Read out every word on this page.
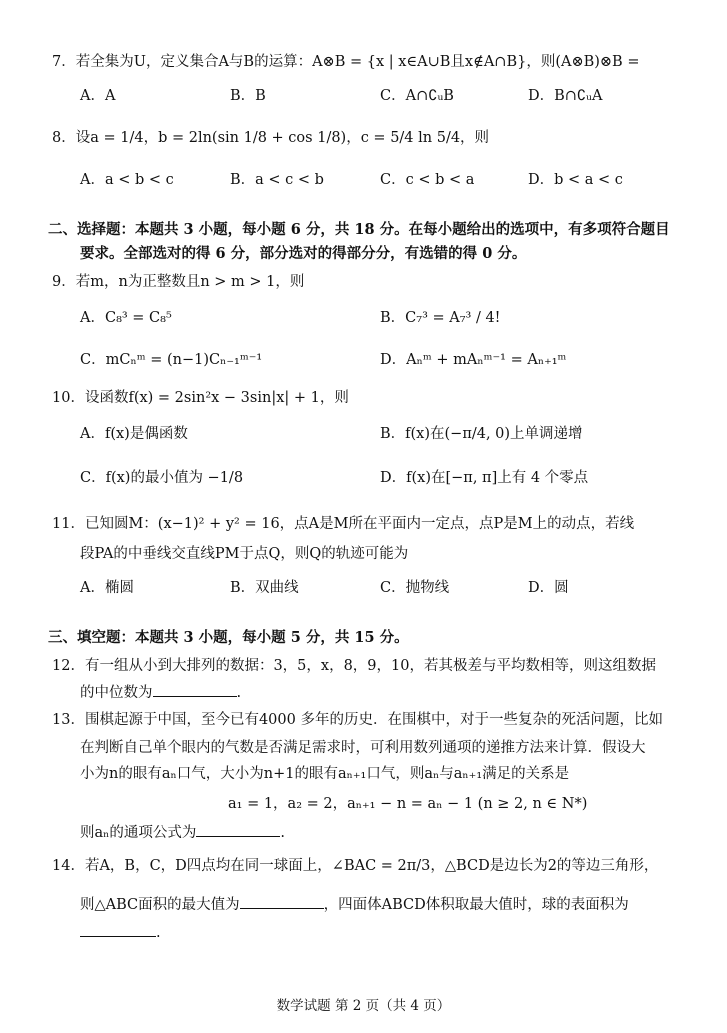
7．若全集为U，定义集合A与B的运算：A⊗B = {x | x∈A∪B且x∉A∩B}，则(A⊗B)⊗B =
A．A	B．B	C．A∩∁ᵤB	D．B∩∁ᵤA
8．设a = 1/4，b = 2ln(sin 1/8 + cos 1/8)，c = 5/4 ln 5/4，则
A．a < b < c	B．a < c < b	C．c < b < a	D．b < a < c
二、选择题：本题共 3 小题，每小题 6 分，共 18 分。在每小题给出的选项中，有多项符合题目
要求。全部选对的得 6 分，部分选对的得部分分，有选错的得 0 分。
9．若m，n为正整数且n > m > 1，则
A．C₈³ = C₈⁵	B．C₇³ = A₇³ / 4!
C．mCₙᵐ = (n−1)Cₙ₋₁ᵐ⁻¹	D．Aₙᵐ + mAₙᵐ⁻¹ = Aₙ₊₁ᵐ
10．设函数f(x) = 2sin²x − 3sin|x| + 1，则
A．f(x)是偶函数	B．f(x)在(−π/4, 0)上单调递增
C．f(x)的最小值为 −1/8	D．f(x)在[−π, π]上有 4 个零点
11．已知圆M：(x−1)² + y² = 16，点A是M所在平面内一定点，点P是M上的动点，若线
段PA的中垂线交直线PM于点Q，则Q的轨迹可能为
A．椭圆	B．双曲线	C．抛物线	D．圆
三、填空题：本题共 3 小题，每小题 5 分，共 15 分。
12．有一组从小到大排列的数据：3，5，x，8，9，10，若其极差与平均数相等，则这组数据
的中位数为	.
13．围棋起源于中国，至今已有4000 多年的历史．在围棋中，对于一些复杂的死活问题，比如
在判断自己单个眼内的气数是否满足需求时，可利用数列通项的递推方法来计算．假设大
小为n的眼有aₙ口气，大小为n+1的眼有aₙ₊₁口气，则aₙ与aₙ₊₁满足的关系是
a₁ = 1，a₂ = 2，aₙ₊₁ − n = aₙ − 1 (n ≥ 2, n ∈ N*)
则aₙ的通项公式为	.
14．若A，B，C，D四点均在同一球面上，∠BAC = 2π/3，△BCD是边长为2的等边三角形，
则△ABC面积的最大值为	，四面体ABCD体积取最大值时，球的表面积为
.
数学试题 第 2 页（共 4 页）
